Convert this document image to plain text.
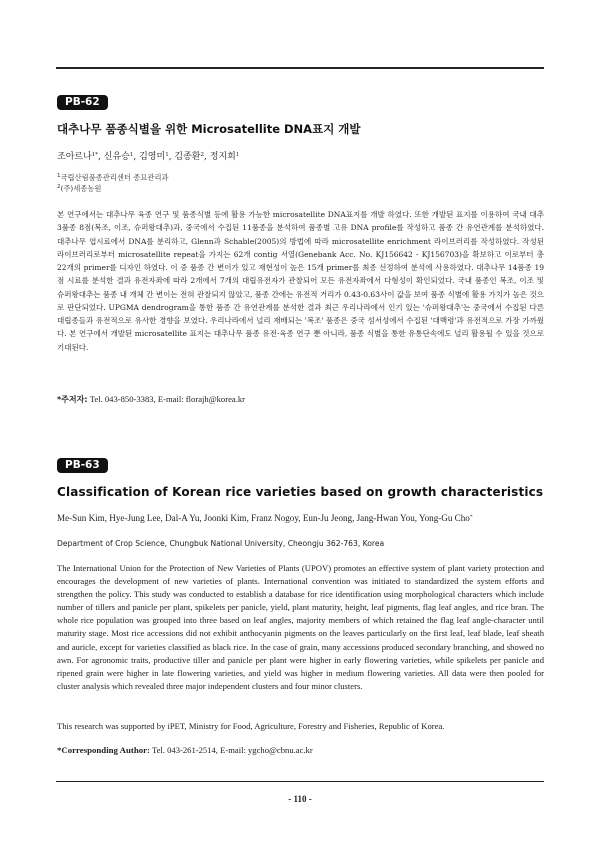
PB-62
대추나무 품종식별을 위한 Microsatellite DNA표지 개발
조아르나$^{1*}$, 신유승$^1$, 김영미$^1$, 김종환$^2$, 정지희$^1$
$^1$국립산림품종관리센터 종묘관리과
$^2$(주)세종농원
본 연구에서는 대추나무 육종 연구 및 품종식별 등에 활용 가능한 microsatellite DNA표지를 개발 하였다. 또한 개발된 표지를 이용하여 국내 대추 3품종 8점(복조, 이조, 슈퍼왕대추)과, 중국에서 수집된 11품종을 분석하여 품종별 고유 DNA profile를 작성하고 품종 간 유연관계를 분석하였다. 대추나무 엽시료에서 DNA를 분리하고, Glenn과 Schable(2005)의 방법에 따라 microsatellite enrichment 라이브러리를 작성하였다. 작성된 라이브러리로부터 microsatellite repeat을 가지는 62개 contig 서열(Genebank Acc. No. KJ156642 - KJ156703)을 확보하고 이로부터 총 22개의 primer를 디자인 하였다. 이 중 품종 간 변이가 있고 재현성이 높은 15개 primer를 최종 선정하여 분석에 사용하였다. 대추나무 14품종 19점 시료를 분석한 결과 유전자좌에 따라 2개에서 7개의 대립유전자가 관찰되어 모든 유전자좌에서 다형성이 확인되었다. 국내 품종인 복조, 이조 및 슈퍼왕대추는 품종 내 개체 간 변이는 전혀 관찰되지 않았고, 품종 간에는 유전적 거리가 0.43-0.63사이 값을 보여 품종 식별에 활용 가치가 높은 것으로 판단되었다. UPGMA dendrogram을 통한 품종 간 유연관계를 분석한 결과 최근 우리나라에서 인기 있는 '슈퍼왕대추'는 중국에서 수집된 다른 대립종들과 유전적으로 유사한 경향을 보였다. 우리나라에서 널리 재배되는 '복조' 품종은 중국 섬서성에서 수집된 '대백령'과 유전적으로 가장 가까웠다. 본 연구에서 개발된 microsatellite 표지는 대추나무 품종 유전·육종 연구 뿐 아니라, 품종 식별을 통한 유통단속에도 널리 활용될 수 있을 것으로 기대된다.
*주저자: Tel. 043-850-3383, E-mail: florajh@korea.kr
PB-63
Classification of Korean rice varieties based on growth characteristics
Me-Sun Kim, Hye-Jung Lee, Dal-A Yu, Joonki Kim, Franz Nogoy, Eun-Ju Jeong, Jang-Hwan You, Yong-Gu Cho*
Department of Crop Science, Chungbuk National University, Cheongju 362-763, Korea
The International Union for the Protection of New Varieties of Plants (UPOV) promotes an effective system of plant variety protection and encourages the development of new varieties of plants. International convention was initiated to standardized the system efforts and strengthen the policy. This study was conducted to establish a database for rice identification using morphological characters which include number of tillers and panicle per plant, spikelets per panicle, yield, plant maturity, height, leaf pigments, flag leaf angles, and rice bran. The whole rice population was grouped into three based on leaf angles, majority members of which retained the flag leaf angle-character until maturity stage. Most rice accessions did not exhibit anthocyanin pigments on the leaves particularly on the first leaf, leaf blade, leaf sheath and auricle, except for varieties classified as black rice. In the case of grain, many accessions produced secondary branching, and showed no awn. For agronomic traits, productive tiller and panicle per plant were higher in early flowering varieties, while spikelets per panicle and ripened grain were higher in late flowering varieties, and yield was higher in medium flowering varieties. All data were then pooled for cluster analysis which revealed three major independent clusters and four minor clusters.
This research was supported by iPET, Ministry for Food, Agriculture, Forestry and Fisheries, Republic of Korea.
*Corresponding Author: Tel. 043-261-2514, E-mail: ygcho@cbnu.ac.kr
- 110 -
